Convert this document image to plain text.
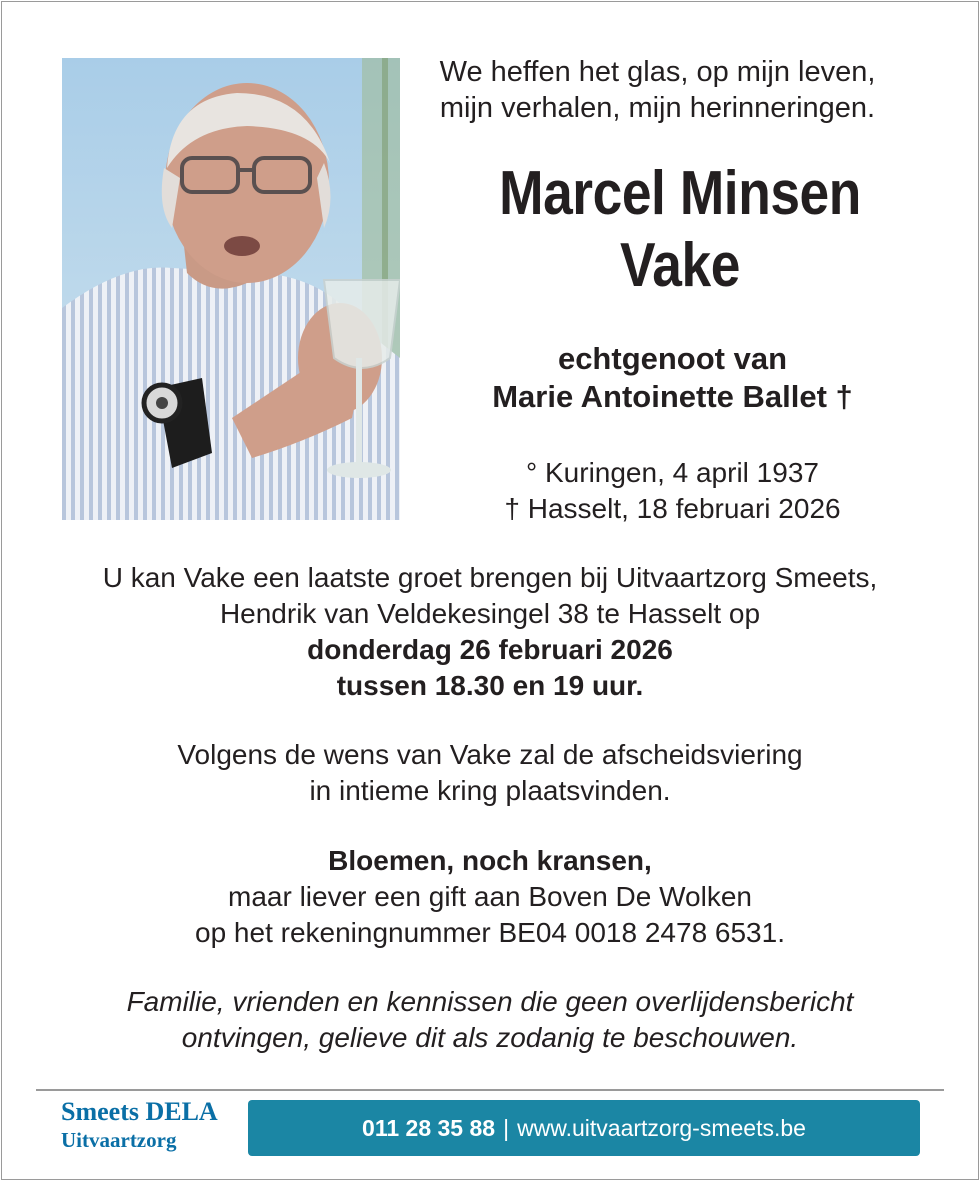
We heffen het glas, op mijn leven,
mijn verhalen, mijn herinneringen.
Marcel Minsen
Vake
echtgenoot van
Marie Antoinette Ballet †
° Kuringen, 4 april 1937
† Hasselt, 18 februari 2026
U kan Vake een laatste groet brengen bij Uitvaartzorg Smeets,
Hendrik van Veldekesingel 38 te Hasselt op
donderdag 26 februari 2026
tussen 18.30 en 19 uur.
Volgens de wens van Vake zal de afscheidsviering
in intieme kring plaatsvinden.
Bloemen, noch kransen,
maar liever een gift aan Boven De Wolken
op het rekeningnummer BE04 0018 2478 6531.
Familie, vrienden en kennissen die geen overlijdensbericht
ontvingen, gelieve dit als zodanig te beschouwen.
Smeets DELA
Uitvaartzorg	011 28 35 88 | www.uitvaartzorg-smeets.be
